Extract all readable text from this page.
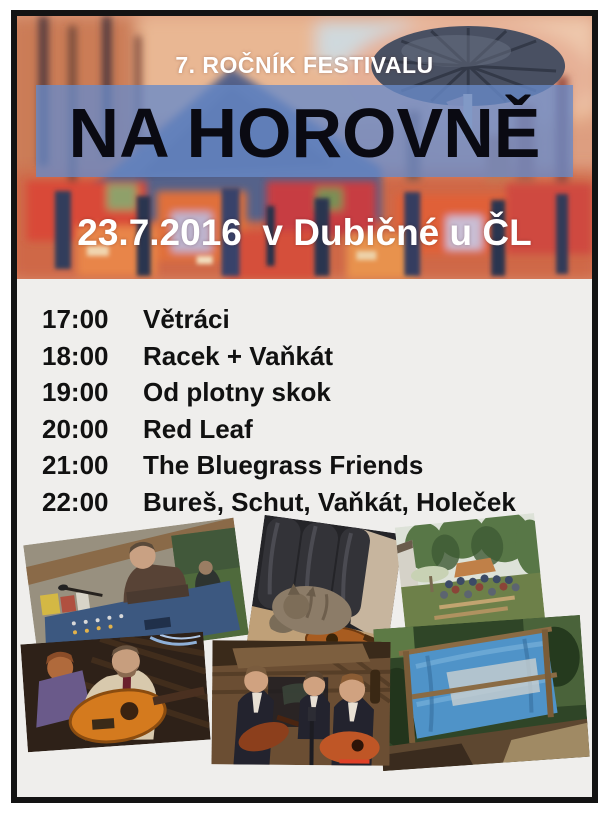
7. ROČNÍK FESTIVALU
NA HOROVNĚ
23.7.2016  v Dubičné u ČL
17:00 Větráci
18:00 Racek + Vaňkát
19:00 Od plotny skok
20:00 Red Leaf
21:00 The Bluegrass Friends
22:00 Bureš, Schut, Vaňkát, Holeček
